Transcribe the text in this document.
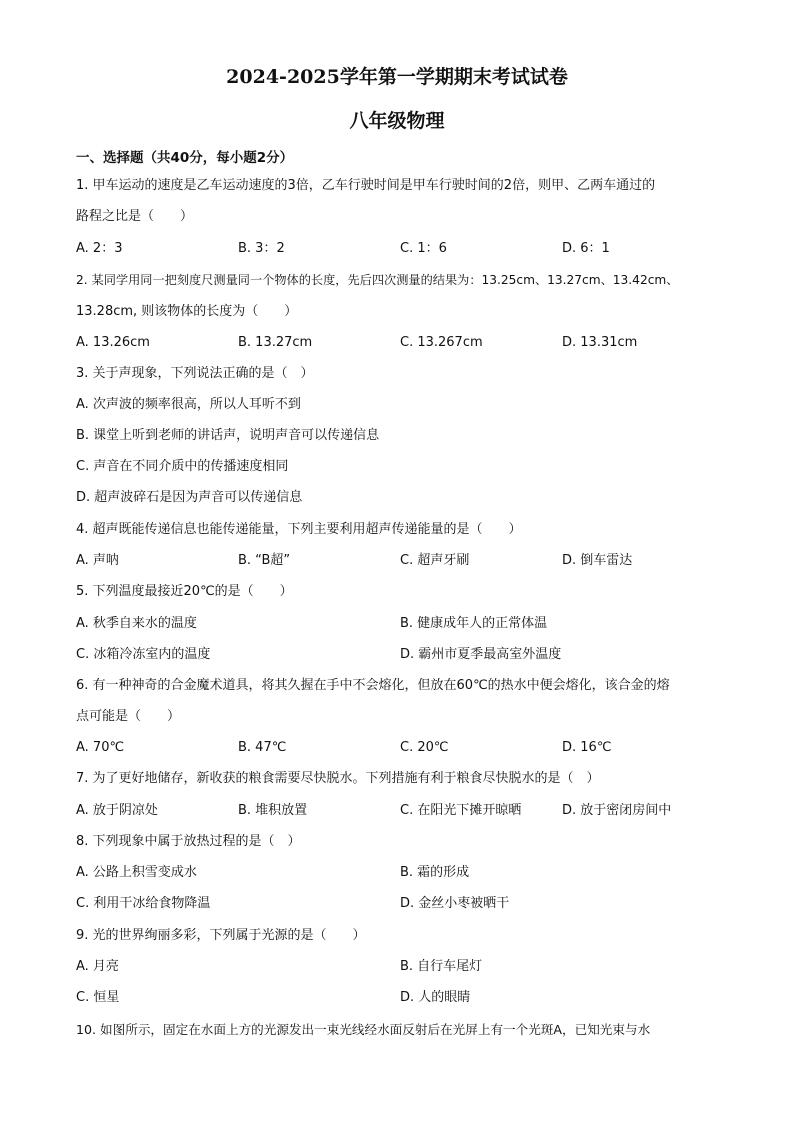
2024-2025学年第一学期期末考试试卷
八年级物理
一、选择题（共40分，每小题2分）
1. 甲车运动的速度是乙车运动速度的3倍，乙车行驶时间是甲车行驶时间的2倍，则甲、乙两车通过的
路程之比是（　　）
A. 2：3	B. 3：2	C. 1：6	D. 6：1
2. 某同学用同一把刻度尺测量同一个物体的长度，先后四次测量的结果为：13.25cm、13.27cm、13.42cm、
13.28cm, 则该物体的长度为（　　）
A. 13.26cm	B. 13.27cm	C. 13.267cm	D. 13.31cm
3. 关于声现象，下列说法正确的是（　）
A. 次声波的频率很高，所以人耳听不到
B. 课堂上听到老师的讲话声，说明声音可以传递信息
C. 声音在不同介质中的传播速度相同
D. 超声波碎石是因为声音可以传递信息
4. 超声既能传递信息也能传递能量，下列主要利用超声传递能量的是（　　）
A. 声呐	B. “B超”	C. 超声牙刷	D. 倒车雷达
5. 下列温度最接近20℃的是（　　）
A. 秋季自来水的温度	B. 健康成年人的正常体温
C. 冰箱冷冻室内的温度	D. 霸州市夏季最高室外温度
6. 有一种神奇的合金魔术道具，将其久握在手中不会熔化，但放在60℃的热水中便会熔化，该合金的熔
点可能是（　　）
A. 70℃	B. 47℃	C. 20℃	D. 16℃
7. 为了更好地储存，新收获的粮食需要尽快脱水。下列措施有利于粮食尽快脱水的是（　）
A. 放于阴凉处	B. 堆积放置	C. 在阳光下摊开晾晒	D. 放于密闭房间中
8. 下列现象中属于放热过程的是（　）
A. 公路上积雪变成水	B. 霜的形成
C. 利用干冰给食物降温	D. 金丝小枣被晒干
9. 光的世界绚丽多彩，下列属于光源的是（　　）
A. 月亮	B. 自行车尾灯
C. 恒星	D. 人的眼睛
10. 如图所示，固定在水面上方的光源发出一束光线经水面反射后在光屏上有一个光斑A，已知光束与水
